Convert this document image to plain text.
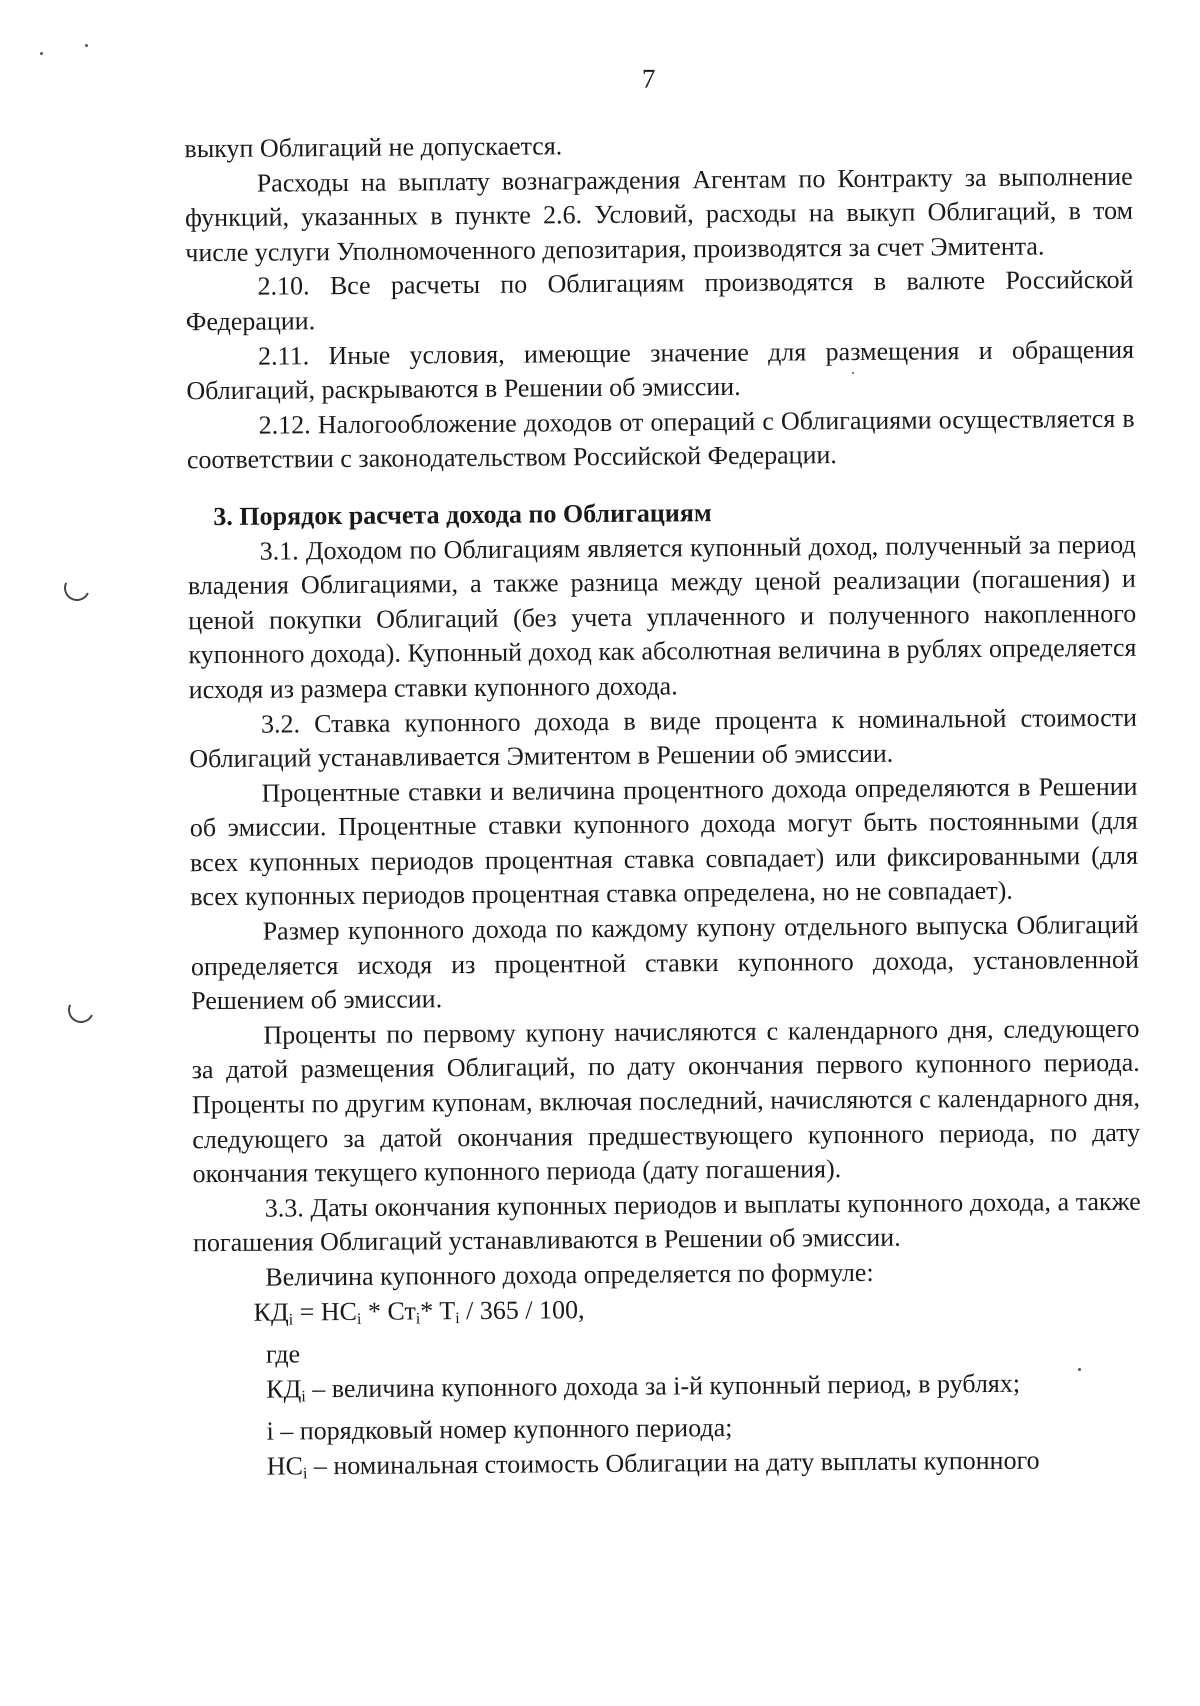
7

выкуп Облигаций не допускается.

Расходы на выплату вознаграждения Агентам по Контракту за выполнение функций, указанных в пункте 2.6. Условий, расходы на выкуп Облигаций, в том числе услуги Уполномоченного депозитария, производятся за счет Эмитента.

2.10. Все расчеты по Облигациям производятся в валюте Российской Федерации.

2.11. Иные условия, имеющие значение для размещения и обращения Облигаций, раскрываются в Решении об эмиссии.

2.12. Налогообложение доходов от операций с Облигациями осуществляется в соответствии с законодательством Российской Федерации.

3. Порядок расчета дохода по Облигациям

3.1. Доходом по Облигациям является купонный доход, полученный за период владения Облигациями, а также разница между ценой реализации (погашения) и ценой покупки Облигаций (без учета уплаченного и полученного накопленного купонного дохода). Купонный доход как абсолютная величина в рублях определяется исходя из размера ставки купонного дохода.

3.2. Ставка купонного дохода в виде процента к номинальной стоимости Облигаций устанавливается Эмитентом в Решении об эмиссии.

Процентные ставки и величина процентного дохода определяются в Решении об эмиссии. Процентные ставки купонного дохода могут быть постоянными (для всех купонных периодов процентная ставка совпадает) или фиксированными (для всех купонных периодов процентная ставка определена, но не совпадает).

Размер купонного дохода по каждому купону отдельного выпуска Облигаций определяется исходя из процентной ставки купонного дохода, установленной Решением об эмиссии.

Проценты по первому купону начисляются с календарного дня, следующего за датой размещения Облигаций, по дату окончания первого купонного периода. Проценты по другим купонам, включая последний, начисляются с календарного дня, следующего за датой окончания предшествующего купонного периода, по дату окончания текущего купонного периода (дату погашения).

3.3. Даты окончания купонных периодов и выплаты купонного дохода, а также погашения Облигаций устанавливаются в Решении об эмиссии.

Величина купонного дохода определяется по формуле:

$КД_i = НС_i * Ст_i*$ $T_i / 365 / 100$,

где

$КД_i$ – величина купонного дохода за i-й купонный период, в рублях;

i – порядковый номер купонного периода;

$НС_i$ – номинальная стоимость Облигации на дату выплаты купонного
